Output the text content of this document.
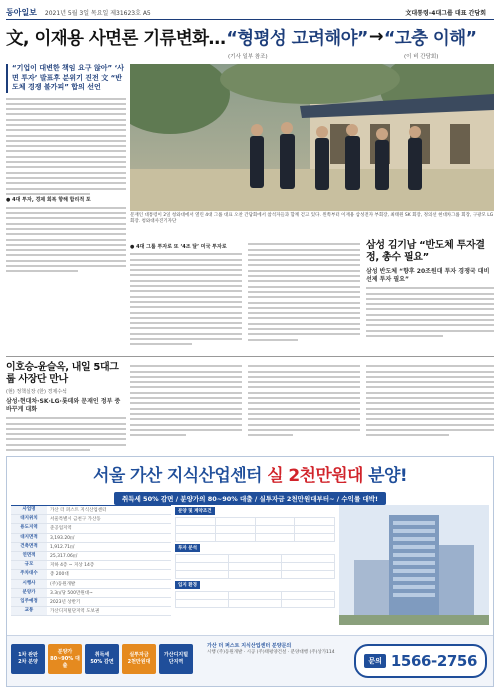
동아일보 2021년 5월 3일 목요일 제31623호 A5	文대통령-4대그룹 대표 간담회
文, 이재용 사면론 기류변화… “형평성 고려해야” → “고충 이해”
(기사 일부 참조)	(이 비 간담회)
“기업이 대변한 책임 요구 않아” ‘사면 투자’ 발표후 분위기 진전 文 “반도체 경쟁 불가피” 합의 선언
● 4대 투자, 경제 회복 향해 합리적 포
문재인 대통령이 2일 청와대에서 열린 4대 그룹 대표 오찬 간담회에서 참석자들과 함께 걷고 있다. 왼쪽부터 이재용 삼성전자 부회장, 최태원 SK 회장, 정의선 현대차그룹 회장, 구광모 LG 회장. 청와대사진기자단
● 4대 그룹 투자로 또 ‘4조 달’ 미국 투자로	삼성 김기남 “반도체 투자결정, 총수 필요”
삼성 반도체 “향후 20조원대 투자 경쟁국 대비 선제 투자 필요”
이호승-윤슬옥, 내일 5대그룹 사장단 만나
(현) 정책실장 (한) 경제수석
삼성·현대차·SK·LG·롯데와 문재인 정부 중 바꾸게 대화
서울 가산 지식산업센터 실 2천만원대 분양!
취득세 50% 감면 / 분양가의 80~90% 대출 / 실투자금 2천만원대부터~ / 수익률 대박!
사업명	가산 더 퍼스트 지식산업센터
대지위치	서울특별시 금천구 가산동
용도지역	준공업지역
대지면적	3,193.20㎡
건축면적	1,912.71㎡
연면적	25,317.06㎡
규모	지하 4층 ~ 지상 14층
주차대수	총 200대
시행사	(주)동원개발
분양가	3.3㎡당 500만원대~
입주예정	2023년 상반기
교통	가산디지털단지역 도보권
분양 및 계약조건

투자 분석

입지 환경

1차 완판
2차 분양
분양가
80~90% 대출
취득세
50% 감면
실투자금
2천만원대
가산디지털
단지역
가산 더 퍼스트 지식산업센터 분양문의
시행 (주)동원개발 · 시공 (주)태평양건설 · 분양대행 (주)상가114
문의 1566-2756
